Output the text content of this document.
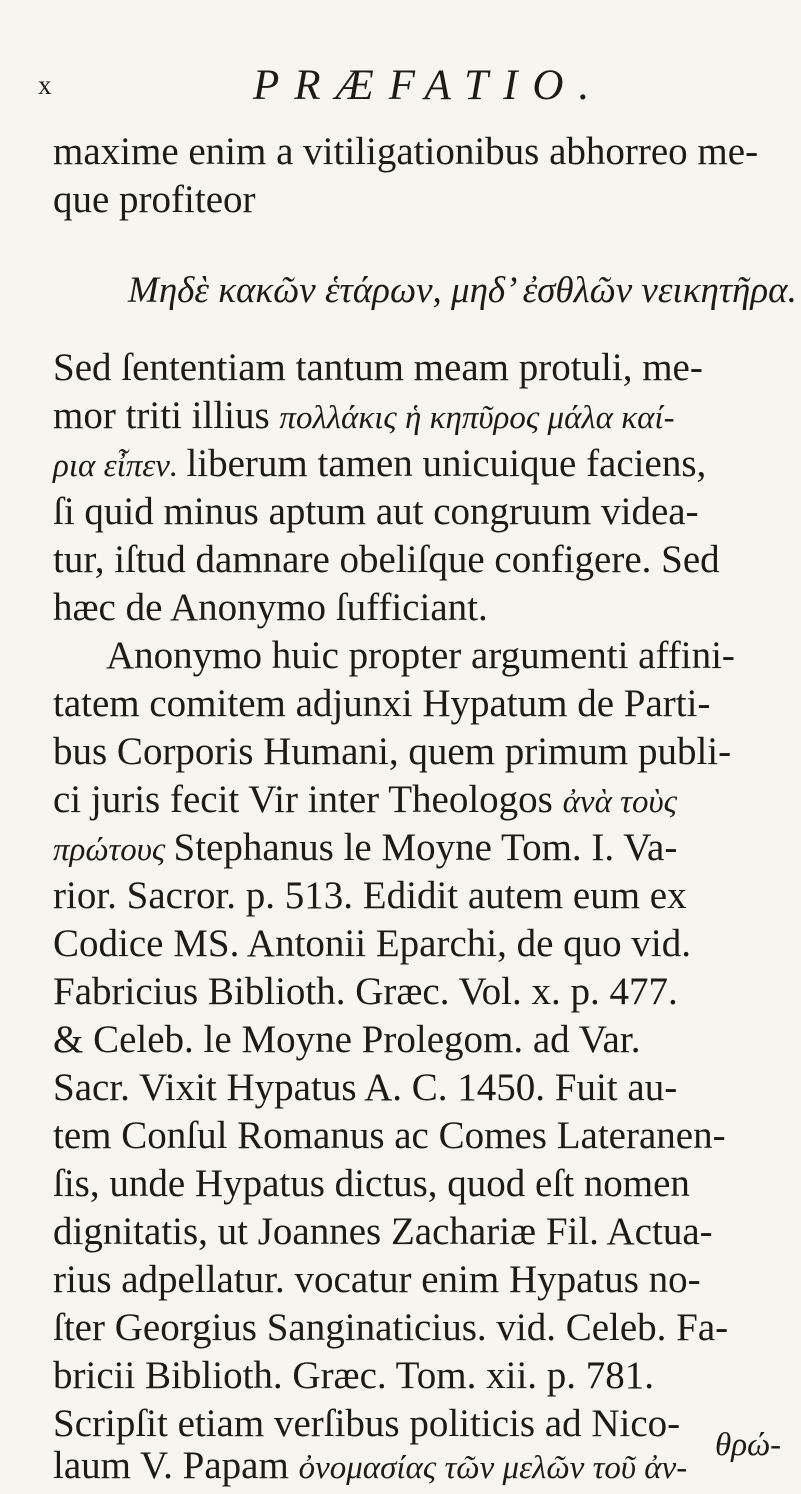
x	PRÆFATIO.
maxime enim a vitiligationibus abhorreo me-
que profiteor
Μηδὲ κακῶν ἑτάρων, μηδ’ ἐσθλῶν νεικητῆρα.
Sed ſententiam tantum meam protuli, me-
mor triti illius πολλάκις ἡ κηπῦρος μάλα καί-
ρια εἶπεν. liberum tamen unicuique faciens,
ſi quid minus aptum aut congruum videa-
tur, iſtud damnare obeliſque configere. Sed
hæc de Anonymo ſufficiant.
Anonymo huic propter argumenti affini-
tatem comitem adjunxi Hypatum de Parti-
bus Corporis Humani, quem primum publi-
ci juris fecit Vir inter Theologos ἀνὰ τοὺς
πρώτους Stephanus le Moyne Tom. I. Va-
rior. Sacror. p. 513. Edidit autem eum ex
Codice MS. Antonii Eparchi, de quo vid.
Fabricius Biblioth. Græc. Vol. x. p. 477.
& Celeb. le Moyne Prolegom. ad Var.
Sacr. Vixit Hypatus A. C. 1450. Fuit au-
tem Conſul Romanus ac Comes Lateranen-
ſis, unde Hypatus dictus, quod eſt nomen
dignitatis, ut Joannes Zachariæ Fil. Actua-
rius adpellatur. vocatur enim Hypatus no-
ſter Georgius Sanginaticius. vid. Celeb. Fa-
bricii Biblioth. Græc. Tom. xii. p. 781.
Scripſit etiam verſibus politicis ad Nico-
laum V. Papam ὀνομασίας τῶν μελῶν τοῦ ἀν-
θρώ-
